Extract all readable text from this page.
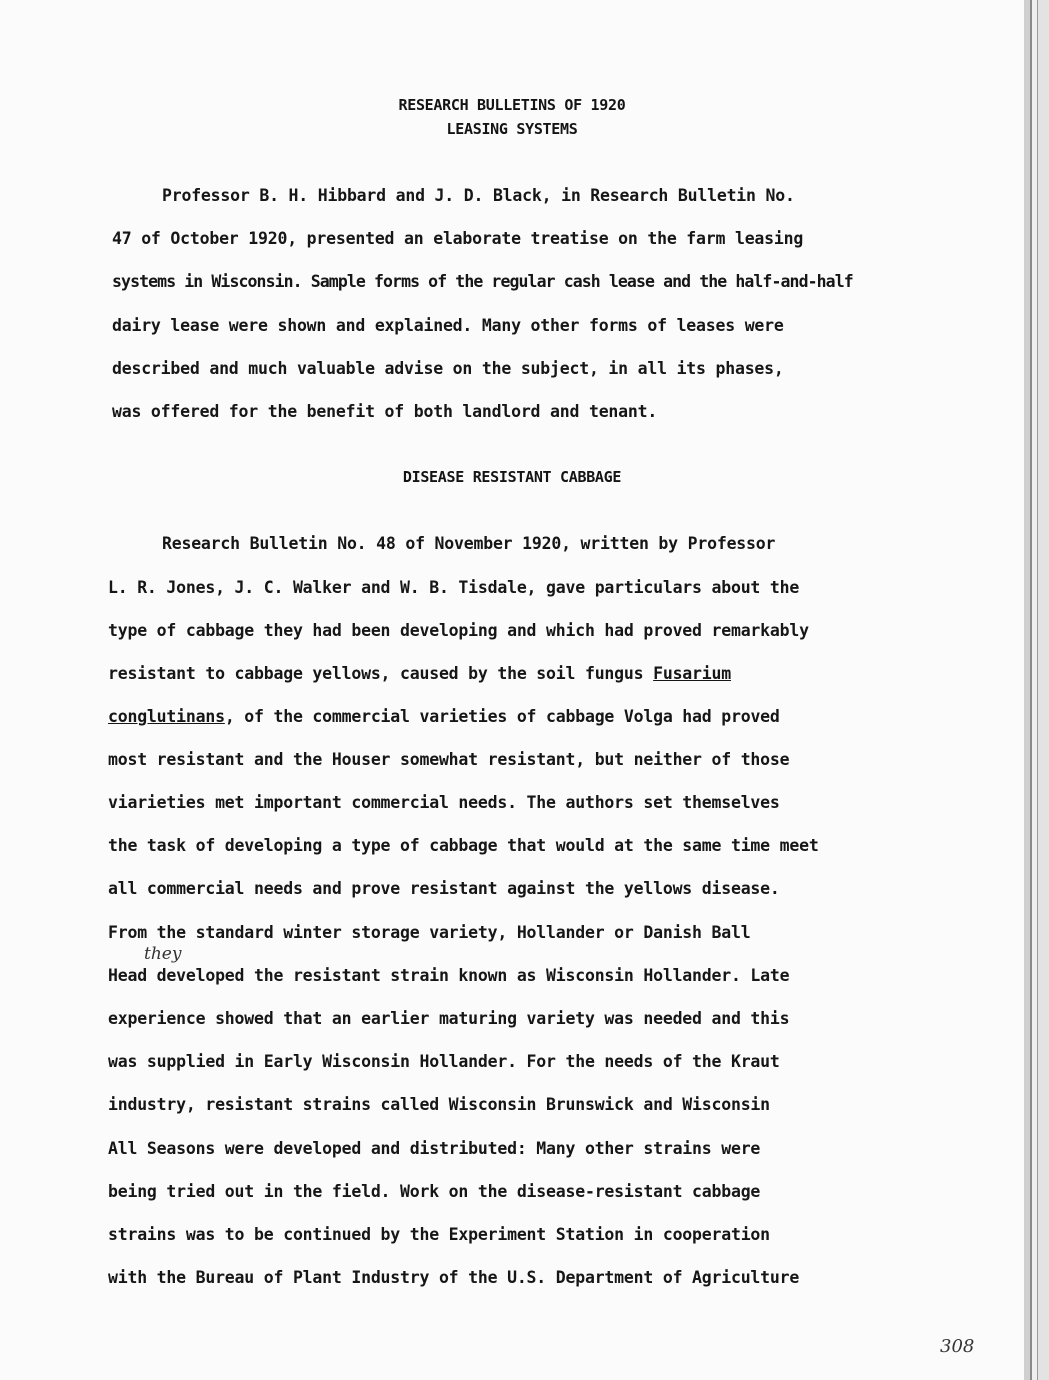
RESEARCH BULLETINS OF 1920
LEASING SYSTEMS
Professor B. H. Hibbard and J. D. Black, in Research Bulletin No.
47 of October 1920, presented an elaborate treatise on the farm leasing
systems in Wisconsin. Sample forms of the regular cash lease and the half-and-half
dairy lease were shown and explained. Many other forms of leases were
described and much valuable advise on the subject, in all its phases,
was offered for the benefit of both landlord and tenant.
DISEASE RESISTANT CABBAGE
Research Bulletin No. 48 of November 1920, written by Professor
L. R. Jones, J. C. Walker and W. B. Tisdale, gave particulars about the
type of cabbage they had been developing and which had proved remarkably
resistant to cabbage yellows, caused by the soil fungus Fusarium
conglutinans, of the commercial varieties of cabbage Volga had proved
most resistant and the Houser somewhat resistant, but neither of those
viarieties met important commercial needs. The authors set themselves
the task of developing a type of cabbage that would at the same time meet
all commercial needs and prove resistant against the yellows disease.
From the standard winter storage variety, Hollander or Danish Ball
Head developed the resistant strain known as Wisconsin Hollander. Late
experience showed that an earlier maturing variety was needed and this
was supplied in Early Wisconsin Hollander. For the needs of the Kraut
industry, resistant strains called Wisconsin Brunswick and Wisconsin
All Seasons were developed and distributed: Many other strains were
being tried out in the field. Work on the disease-resistant cabbage
strains was to be continued by the Experiment Station in cooperation
with the Bureau of Plant Industry of the U.S. Department of Agriculture
they
308
